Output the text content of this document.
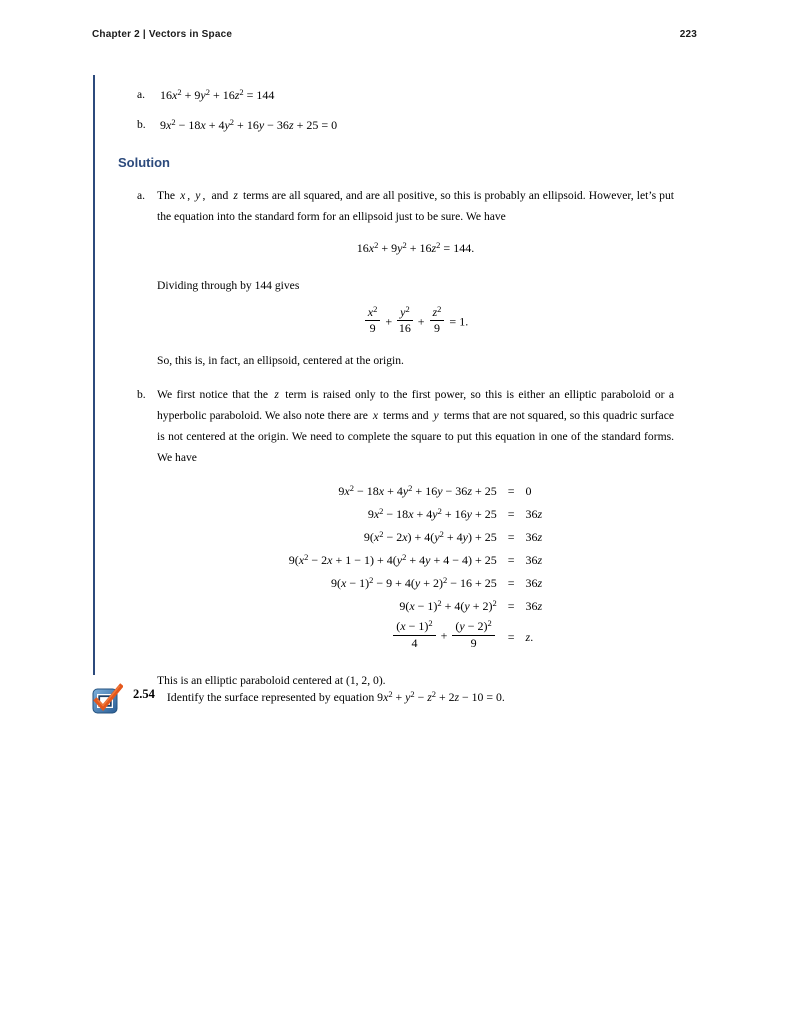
Chapter 2 | Vectors in Space	223
a. $16x^2 + 9y^2 + 16z^2 = 144$
b. $9x^2 - 18x + 4y^2 + 16y - 36z + 25 = 0$
Solution
a. The x , y ,  and z terms are all squared, and are all positive, so this is probably an ellipsoid. However, let’s put the equation into the standard form for an ellipsoid just to be sure. We have

$16x^2 + 9y^2 + 16z^2 = 144$.

Dividing through by 144 gives

$\frac{x^2}{9} + \frac{y^2}{16} + \frac{z^2}{9} = 1$.

So, this is, in fact, an ellipsoid, centered at the origin.

b. We first notice that the z term is raised only to the first power, so this is either an elliptic paraboloid or a hyperbolic paraboloid. We also note there are x terms and y terms that are not squared, so this quadric surface is not centered at the origin. We need to complete the square to put this equation in one of the standard forms. We have

$9x^2 - 18x + 4y^2 + 16y - 36z + 25$	=	0
$9x^2 - 18x + 4y^2 + 16y + 25$	=	36z
$9(x^2 - 2x) + 4(y^2 + 4y) + 25$	=	36z
$9(x^2 - 2x + 1 - 1) + 4(y^2 + 4y + 4 - 4) + 25$	=	36z
$9(x - 1)^2 - 9 + 4(y + 2)^2 - 16 + 25$	=	36z
$9(x - 1)^2 + 4(y + 2)^2$	=	36z

$\frac{(x - 1)^2}{4} + \frac{(y - 2)^2}{9}$	=	z.

This is an elliptic paraboloid centered at (1, 2, 0).

2.54 Identify the surface represented by equation $9x^2 + y^2 - z^2 + 2z - 10 = 0$.
